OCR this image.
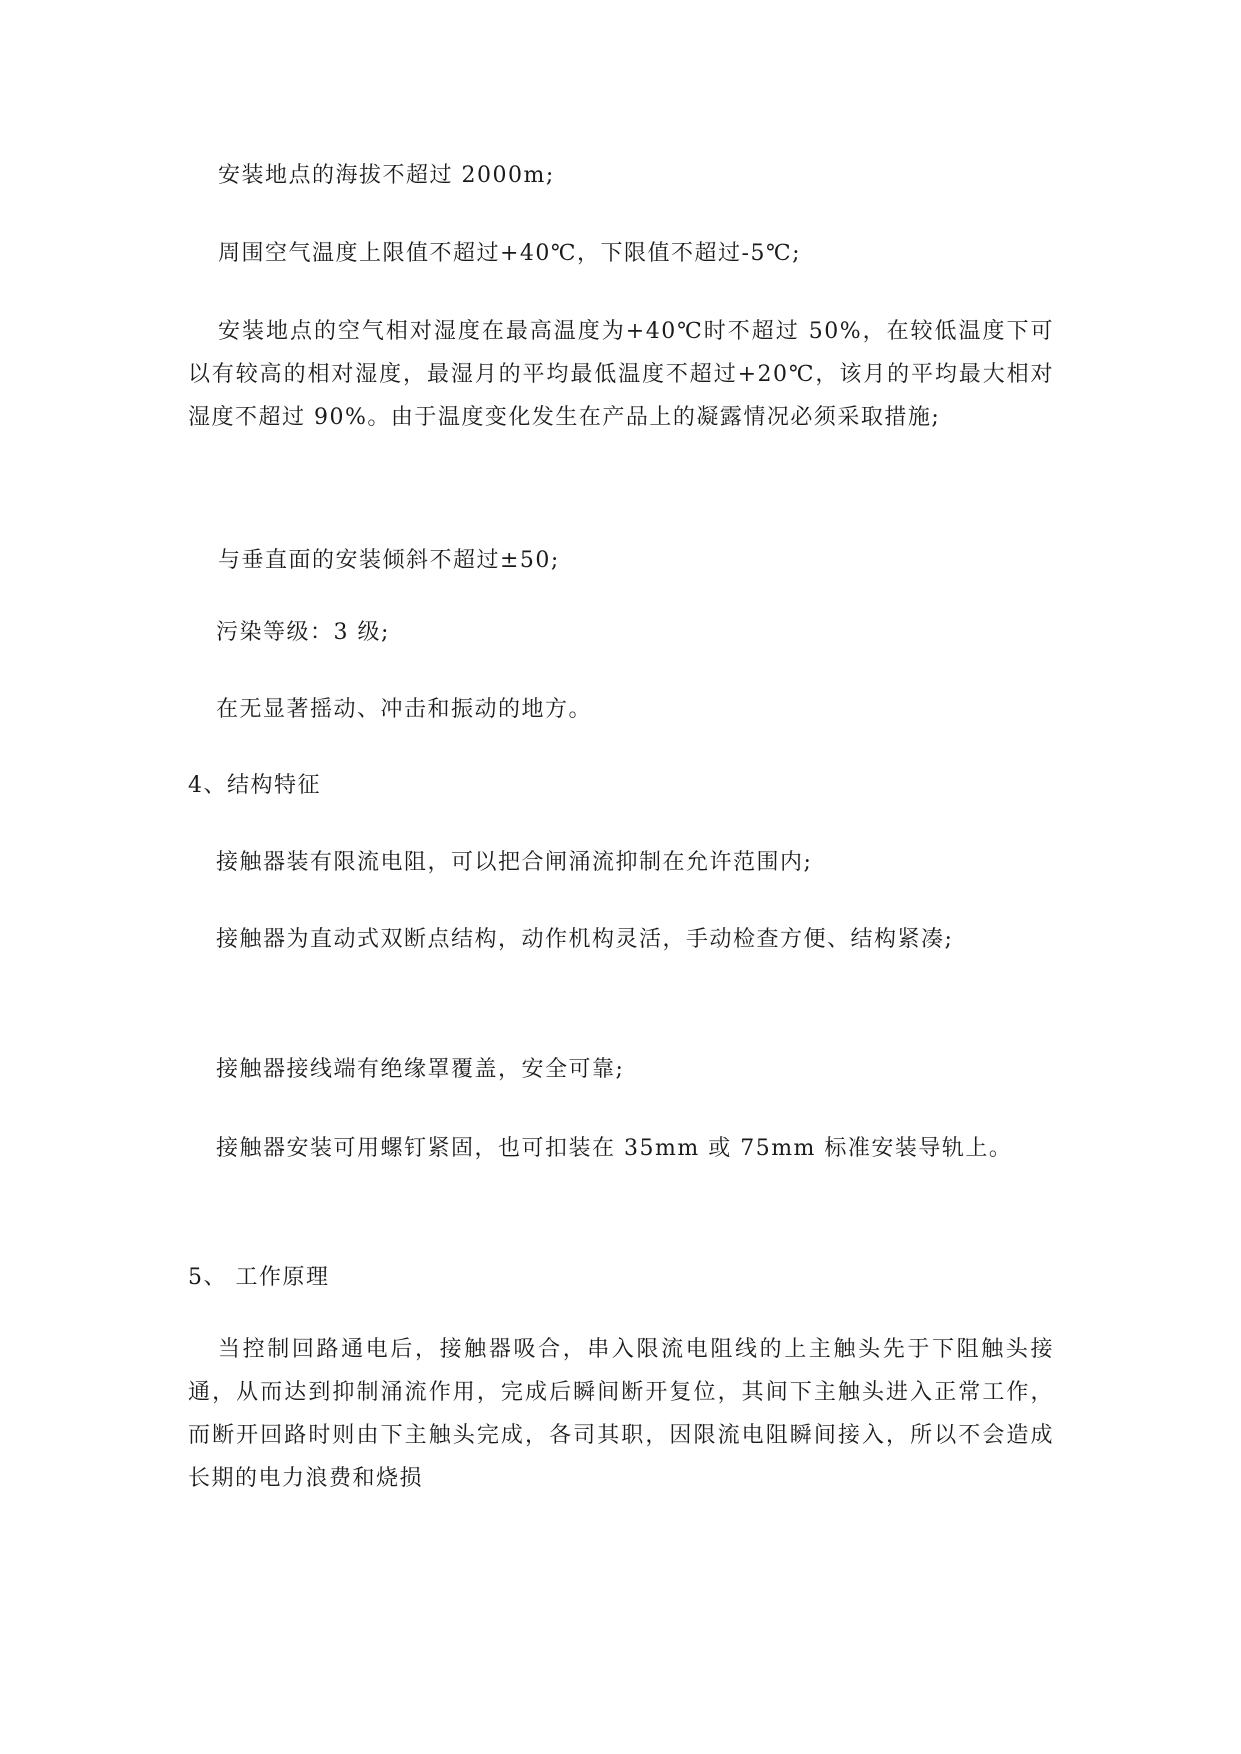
安装地点的海拔不超过 2000m;
周围空气温度上限值不超过+40℃，下限值不超过-5℃;
安装地点的空气相对湿度在最高温度为+40℃时不超过 50%，在较低温度下可以有较高的相对湿度，最湿月的平均最低温度不超过+20℃，该月的平均最大相对湿度不超过 90%。由于温度变化发生在产品上的凝露情况必须采取措施;
与垂直面的安装倾斜不超过±50;
污染等级：3 级;
在无显著摇动、冲击和振动的地方。
4、结构特征
接触器装有限流电阻，可以把合闸涌流抑制在允许范围内;
接触器为直动式双断点结构，动作机构灵活，手动检查方便、结构紧凑;
接触器接线端有绝缘罩覆盖，安全可靠;
接触器安装可用螺钉紧固，也可扣装在 35mm 或 75mm 标准安装导轨上。
5、 工作原理
当控制回路通电后，接触器吸合，串入限流电阻线的上主触头先于下阻触头接通，从而达到抑制涌流作用，完成后瞬间断开复位，其间下主触头进入正常工作，而断开回路时则由下主触头完成，各司其职，因限流电阻瞬间接入，所以不会造成长期的电力浪费和烧损
